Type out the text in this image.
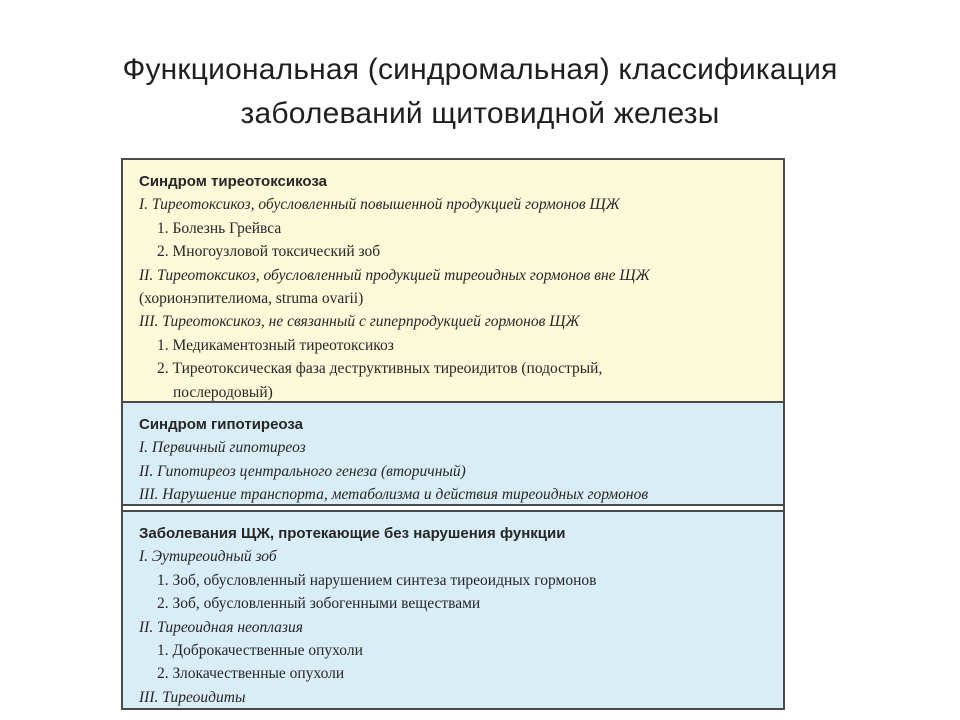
Функциональная (синдромальная) классификация
заболеваний щитовидной железы
Синдром тиреотоксикоза
I. Тиреотоксикоз, обусловленный повышенной продукцией гормонов ЩЖ
1. Болезнь Грейвса
2. Многоузловой токсический зоб
II. Тиреотоксикоз, обусловленный продукцией тиреоидных гормонов вне ЩЖ
(хорионэпителиома, struma ovarii)
III. Тиреотоксикоз, не связанный с гиперпродукцией гормонов ЩЖ
1. Медикаментозный тиреотоксикоз
2. Тиреотоксическая фаза деструктивных тиреоидитов (подострый,
послеродовый)
Синдром гипотиреоза
I. Первичный гипотиреоз
II. Гипотиреоз центрального генеза (вторичный)
III. Нарушение транспорта, метаболизма и действия тиреоидных гормонов
Заболевания ЩЖ, протекающие без нарушения функции
I. Эутиреоидный зоб
1. Зоб, обусловленный нарушением синтеза тиреоидных гормонов
2. Зоб, обусловленный зобогенными веществами
II. Тиреоидная неоплазия
1. Доброкачественные опухоли
2. Злокачественные опухоли
III. Тиреоидиты
